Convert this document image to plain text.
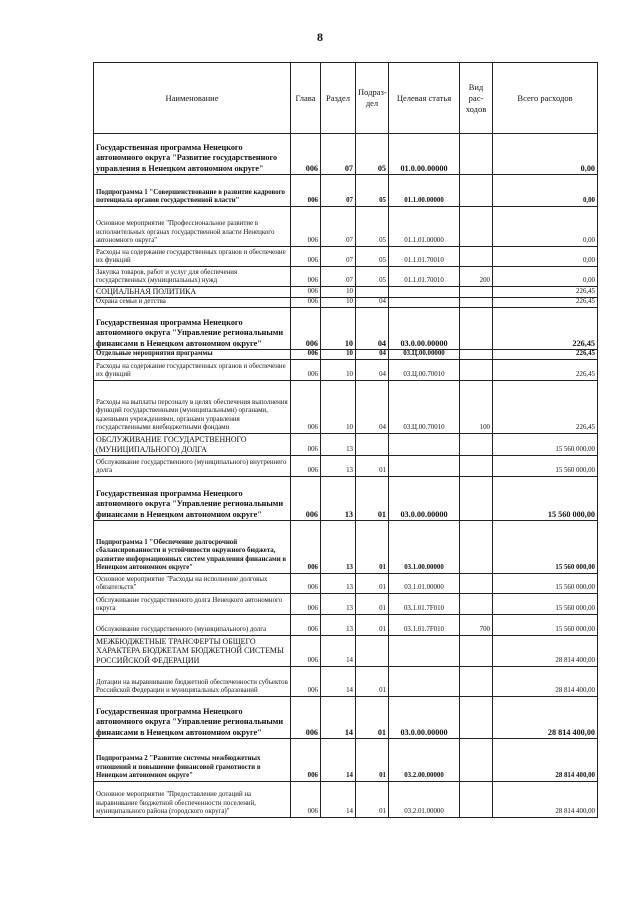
8
Наименование	Глава	Раздел	Подраз-дел	Целевая статья	Вид рас-ходов	Всего расходов
Государственная программа Ненецкого автономного округа "Развитие государственного управления в Ненецком автономном округе"	006	07	05	01.0.00.00000		0,00
Подпрограмма 1 "Совершенствование в развитие кадрового потенциала органов государственной власти"	006	07	05	01.1.00.00000		0,00
Основное мероприятие "Профессиональное развитие в исполнительных органах государственной власти Ненецкого автономного округа"	006	07	05	01.1.01.00000		0,00
Расходы на содержание государственных органов и обеспечение их функций	006	07	05	01.1.01.70010		0,00
Закупка товаров, работ и услуг для обеспечения государственных (муниципальных) нужд	006	07	05	01.1.01.70010	200	0,00
СОЦИАЛЬНАЯ ПОЛИТИКА	006	10				226,45
Охрана семьи и детства	006	10	04			226,45
Государственная программа Ненецкого автономного округа "Управление региональными финансами в Ненецком автономном округе"	006	10	04	03.0.00.00000		226,45
Отдельные мероприятия программы	006	10	04	03.Ц.00.00000		226,45
Расходы на содержание государственных органов и обеспечение их функций	006	10	04	03.Ц.00.70010		226,45
Расходы на выплаты персоналу в целях обеспечения выполнения функций государственными (муниципальными) органами, казенными учреждениями, органами управления государственными внебюджетными фондами	006	10	04	03.Ц.00.70010	100	226,45
ОБСЛУЖИВАНИЕ ГОСУДАРСТВЕННОГО (МУНИЦИПАЛЬНОГО) ДОЛГА	006	13				15 560 000,00
Обслуживание государственного (муниципального) внутреннего долга	006	13	01			15 560 000,00
Государственная программа Ненецкого автономного округа "Управление региональными финансами в Ненецком автономном округе"	006	13	01	03.0.00.00000		15 560 000,00
Подпрограмма 1 "Обеспечение долгосрочной сбалансированности и устойчивости окружного бюджета, развитие информационных систем управления финансами в Ненецком автономном округе"	006	13	01	03.1.00.00000		15 560 000,00
Основное мероприятие "Расходы на исполнение долговых обязательств"	006	13	01	03.1.01.00000		15 560 000,00
Обслуживание государственного долга Ненецкого автономного округа	006	13	01	03.1.01.7F010		15 560 000,00
Обслуживание государственного (муниципального) долга	006	13	01	03.1.01.7F010	700	15 560 000,00
МЕЖБЮДЖЕТНЫЕ ТРАНСФЕРТЫ ОБЩЕГО ХАРАКТЕРА БЮДЖЕТАМ БЮДЖЕТНОЙ СИСТЕМЫ РОССИЙСКОЙ ФЕДЕРАЦИИ	006	14				28 814 400,00
Дотации на выравнивание бюджетной обеспеченности субъектов Российской Федерации и муниципальных образований	006	14	01			28 814 400,00
Государственная программа Ненецкого автономного округа "Управление региональными финансами в Ненецком автономном округе"	006	14	01	03.0.00.00000		28 814 400,00
Подпрограмма 2 "Развитие системы межбюджетных отношений и повышение финансовой грамотности в Ненецком автономном округе"	006	14	01	03.2.00.00000		28 814 400,00
Основное мероприятие "Предоставление дотаций на выравнивание бюджетной обеспеченности поселений, муниципального района (городского округа)"	006	14	01	03.2.01.00000		28 814 400,00
